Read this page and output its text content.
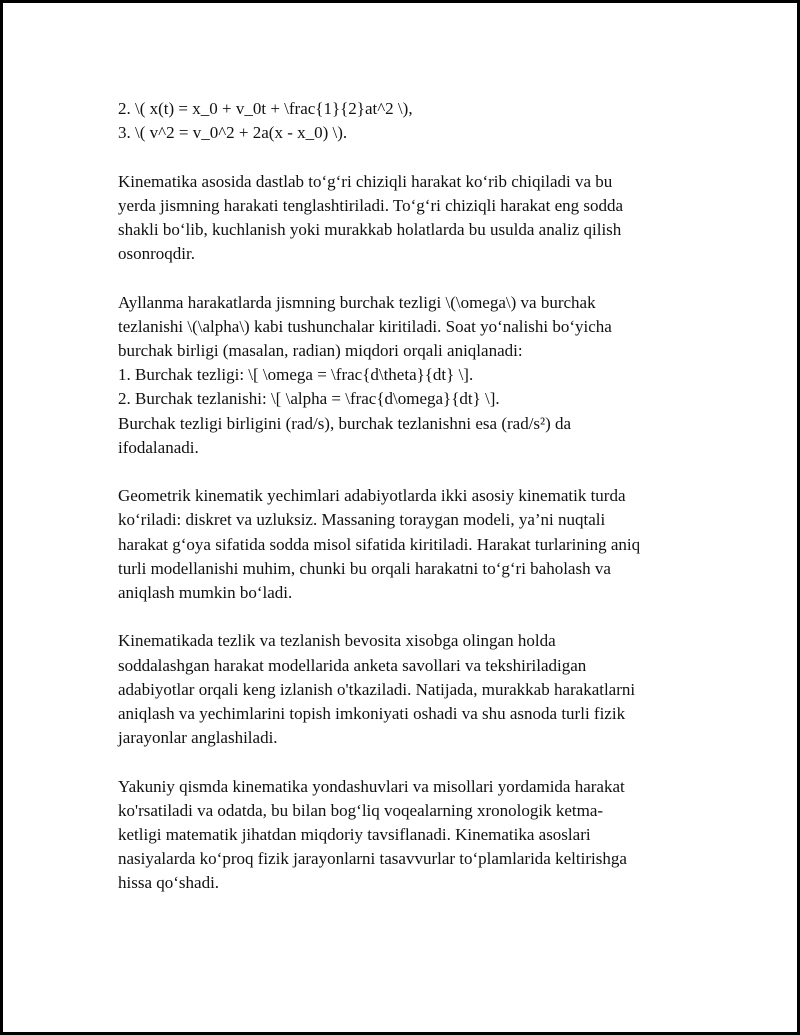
2. \( x(t) = x_0 + v_0t + \frac{1}{2}at^2 \),
3. \( v^2 = v_0^2 + 2a(x - x_0) \).

Kinematika asosida dastlab to‘g‘ri chiziqli harakat ko‘rib chiqiladi va bu
yerda jismning harakati tenglashtiriladi. To‘g‘ri chiziqli harakat eng sodda
shakli bo‘lib, kuchlanish yoki murakkab holatlarda bu usulda analiz qilish
osonroqdir.

Ayllanma harakatlarda jismning burchak tezligi \(\omega\) va burchak
tezlanishi \(\alpha\) kabi tushunchalar kiritiladi. Soat yo‘nalishi bo‘yicha
burchak birligi (masalan, radian) miqdori orqali aniqlanadi:
1. Burchak tezligi: \[ \omega = \frac{d\theta}{dt} \].
2. Burchak tezlanishi: \[ \alpha = \frac{d\omega}{dt} \].
Burchak tezligi birligini (rad/s), burchak tezlanishni esa (rad/s²) da
ifodalanadi.

Geometrik kinematik yechimlari adabiyotlarda ikki asosiy kinematik turda
ko‘riladi: diskret va uzluksiz. Massaning toraygan modeli, ya’ni nuqtali
harakat g‘oya sifatida sodda misol sifatida kiritiladi. Harakat turlarining aniq
turli modellanishi muhim, chunki bu orqali harakatni to‘g‘ri baholash va
aniqlash mumkin bo‘ladi.

Kinematikada tezlik va tezlanish bevosita xisobga olingan holda
soddalashgan harakat modellarida anketa savollari va tekshiriladigan
adabiyotlar orqali keng izlanish o'tkaziladi. Natijada, murakkab harakatlarni
aniqlash va yechimlarini topish imkoniyati oshadi va shu asnoda turli fizik
jarayonlar anglashiladi.

Yakuniy qismda kinematika yondashuvlari va misollari yordamida harakat
ko'rsatiladi va odatda, bu bilan bog‘liq voqealarning xronologik ketma-
ketligi matematik jihatdan miqdoriy tavsiflanadi. Kinematika asoslari
nasiyalarda ko‘proq fizik jarayonlarni tasavvurlar to‘plamlarida keltirishga
hissa qo‘shadi.
